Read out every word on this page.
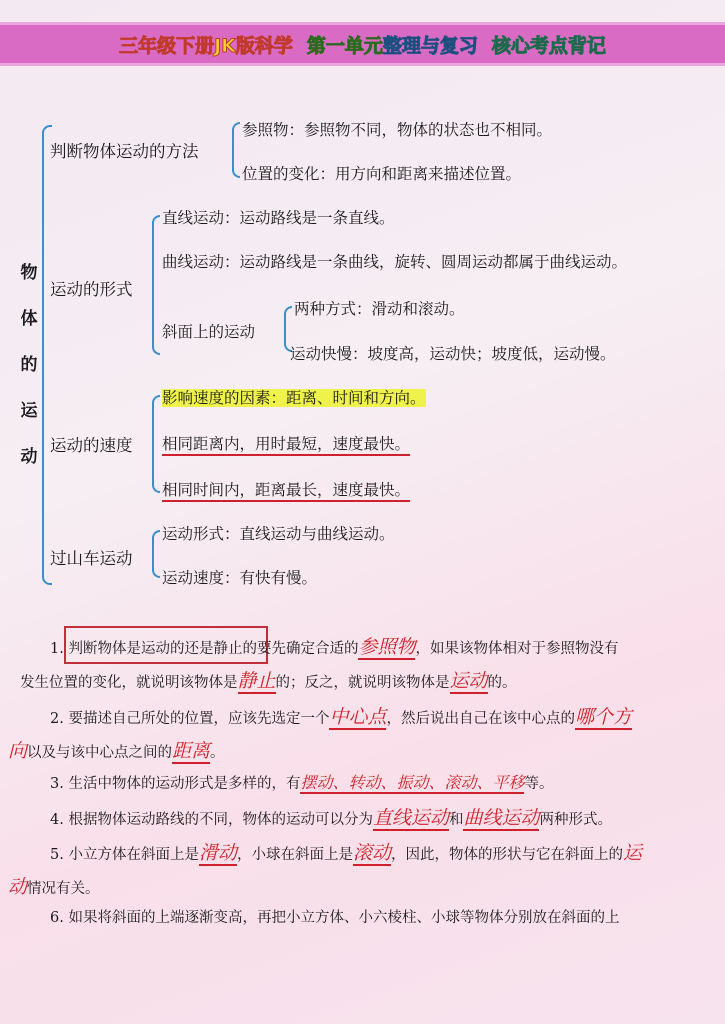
三年级下册JK版科学 第一单元整理与复习 核心考点背记
物体的运动
判断物体运动的方法
参照物：参照物不同，物体的状态也不相同。
位置的变化：用方向和距离来描述位置。
运动的形式
直线运动：运动路线是一条直线。
曲线运动：运动路线是一条曲线，旋转、圆周运动都属于曲线运动。
斜面上的运动
两种方式：滑动和滚动。
运动快慢：坡度高，运动快；坡度低，运动慢。
运动的速度
影响速度的因素：距离、时间和方向。
相同距离内，用时最短，速度最快。
相同时间内，距离最长，速度最快。
过山车运动
运动形式：直线运动与曲线运动。
运动速度：有快有慢。
1. 判断物体是运动的还是静止的要先确定合适的参照物，如果该物体相对于参照物没有
发生位置的变化，就说明该物体是静止的；反之，就说明该物体是运动的。
2. 要描述自己所处的位置，应该先选定一个中心点，然后说出自己在该中心点的哪个方
向以及与该中心点之间的距离。
3. 生活中物体的运动形式是多样的，有摆动、转动、振动、滚动、平移等。
4. 根据物体运动路线的不同，物体的运动可以分为直线运动和曲线运动两种形式。
5. 小立方体在斜面上是滑动，小球在斜面上是滚动，因此，物体的形状与它在斜面上的运
动情况有关。
6. 如果将斜面的上端逐渐变高，再把小立方体、小六棱柱、小球等物体分别放在斜面的上
